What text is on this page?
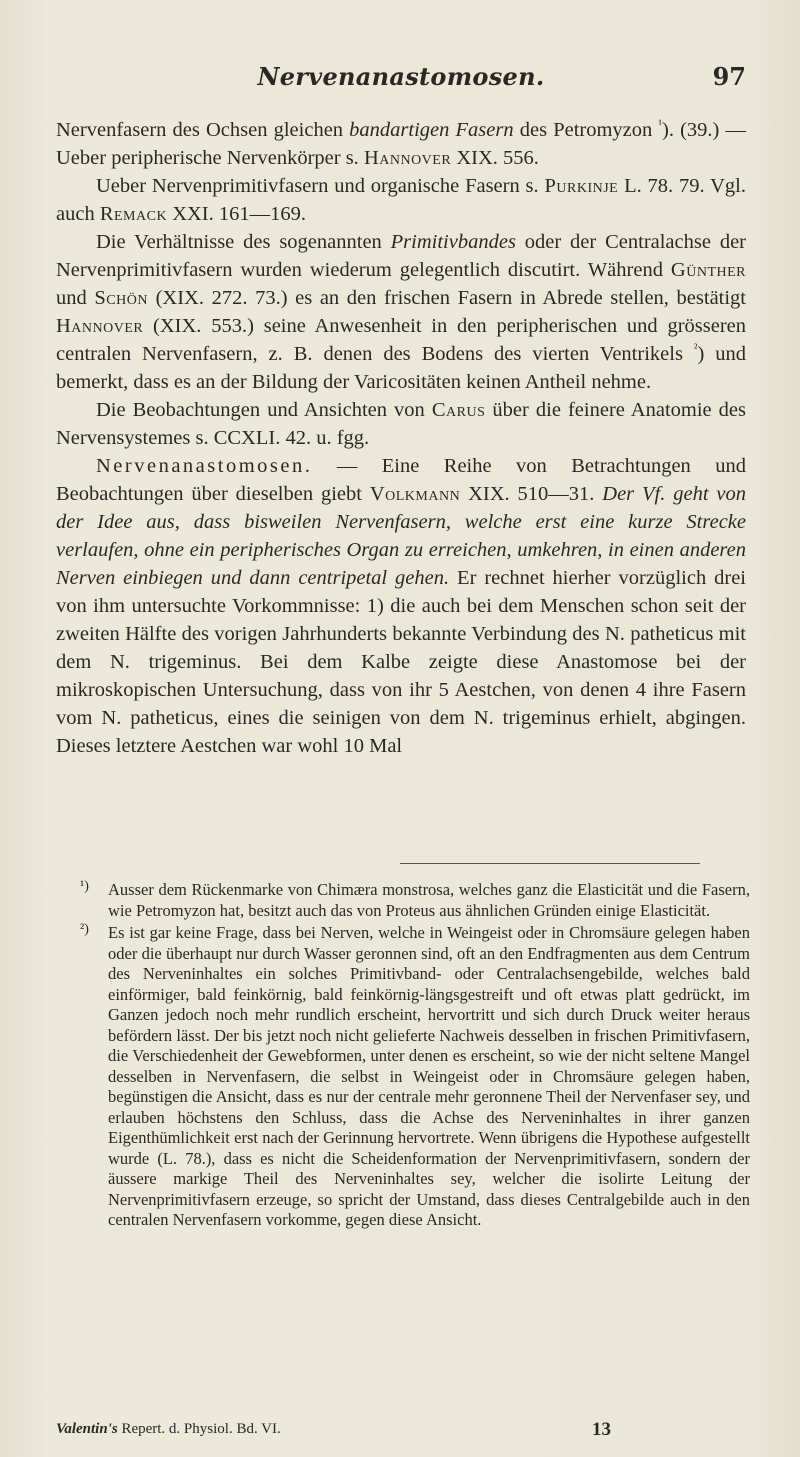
Nervenanastomosen.	97

Nervenfasern des Ochsen gleichen bandartigen Fasern des Petromyzon $^{^1}$). (39.) — Ueber peripherische Nervenkörper s. Hannover XIX. 556.

Ueber Nervenprimitivfasern und organische Fasern s. Purkinje L. 78. 79. Vgl. auch Remack XXI. 161—169.

Die Verhältnisse des sogenannten Primitivbandes oder der Centralachse der Nervenprimitivfasern wurden wiederum gelegentlich discutirt. Während Günther und Schön (XIX. 272. 73.) es an den frischen Fasern in Abrede stellen, bestätigt Hannover (XIX. 553.) seine Anwesenheit in den peripherischen und grösseren centralen Nervenfasern, z. B. denen des Bodens des vierten Ventrikels $^{^2}$) und bemerkt, dass es an der Bildung der Varicositäten keinen Antheil nehme.

Die Beobachtungen und Ansichten von Carus über die feinere Anatomie des Nervensystemes s. CCXLI. 42. u. fgg.

Nervenanastomosen. — Eine Reihe von Betrachtungen und Beobachtungen über dieselben giebt Volkmann XIX. 510—31. Der Vf. geht von der Idee aus, dass bisweilen Nervenfasern, welche erst eine kurze Strecke verlaufen, ohne ein peripherisches Organ zu erreichen, umkehren, in einen anderen Nerven einbiegen und dann centripetal gehen. Er rechnet hierher vorzüglich drei von ihm untersuchte Vorkommnisse: 1) die auch bei dem Menschen schon seit der zweiten Hälfte des vorigen Jahrhunderts bekannte Verbindung des N. patheticus mit dem N. trigeminus. Bei dem Kalbe zeigte diese Anastomose bei der mikroskopischen Untersuchung, dass von ihr 5 Aestchen, von denen 4 ihre Fasern vom N. patheticus, eines die seinigen von dem N. trigeminus erhielt, abgingen. Dieses letztere Aestchen war wohl 10 Mal

¹) Ausser dem Rückenmarke von Chimæra monstrosa, welches ganz die Elasticität und die Fasern, wie Petromyzon hat, besitzt auch das von Proteus aus ähnlichen Gründen einige Elasticität.
²) Es ist gar keine Frage, dass bei Nerven, welche in Weingeist oder in Chromsäure gelegen haben oder die überhaupt nur durch Wasser geronnen sind, oft an den Endfragmenten aus dem Centrum des Nerveninhaltes ein solches Primitivband- oder Centralachsengebilde, welches bald einförmiger, bald feinkörnig, bald feinkörnig-längsgestreift und oft etwas platt gedrückt, im Ganzen jedoch noch mehr rundlich erscheint, hervortritt und sich durch Druck weiter heraus befördern lässt. Der bis jetzt noch nicht gelieferte Nachweis desselben in frischen Primitivfasern, die Verschiedenheit der Gewebformen, unter denen es erscheint, so wie der nicht seltene Mangel desselben in Nervenfasern, die selbst in Weingeist oder in Chromsäure gelegen haben, begünstigen die Ansicht, dass es nur der centrale mehr geronnene Theil der Nervenfaser sey, und erlauben höchstens den Schluss, dass die Achse des Nerveninhaltes in ihrer ganzen Eigenthümlichkeit erst nach der Gerinnung hervortrete. Wenn übrigens die Hypothese aufgestellt wurde (L. 78.), dass es nicht die Scheidenformation der Nervenprimitivfasern, sondern der äussere markige Theil des Nerveninhaltes sey, welcher die isolirte Leitung der Nervenprimitivfasern erzeuge, so spricht der Umstand, dass dieses Centralgebilde auch in den centralen Nervenfasern vorkomme, gegen diese Ansicht.
Valentin's Repert. d. Physiol. Bd. VI.	13
